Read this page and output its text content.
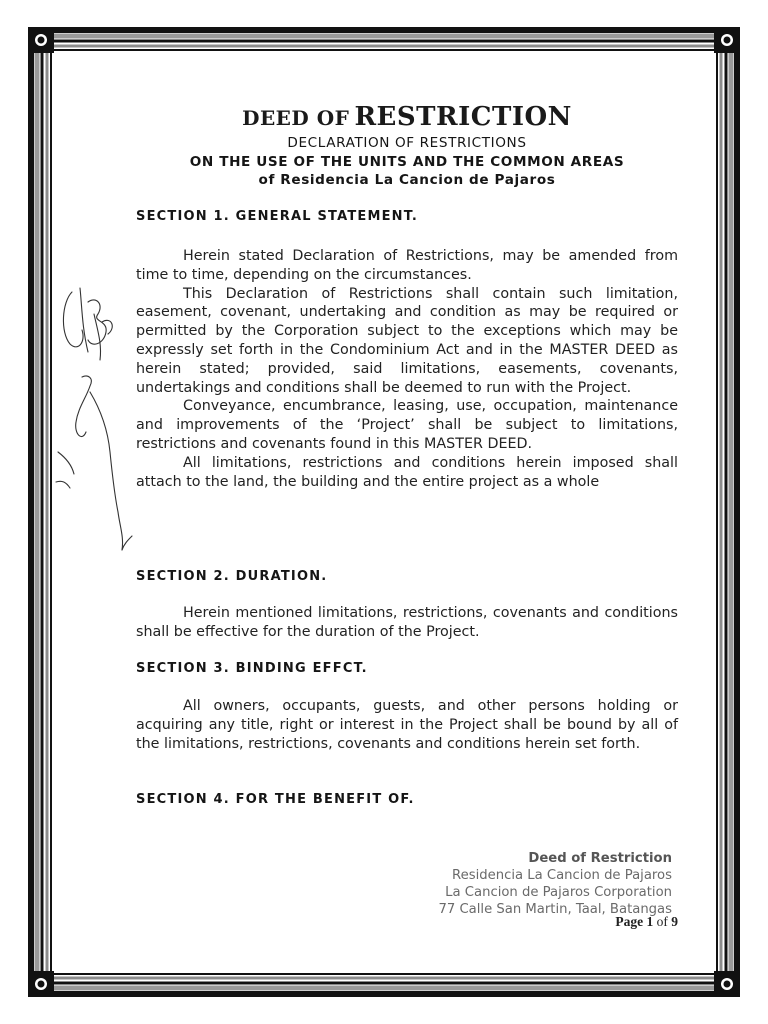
DEED OF RESTRICTION
DECLARATION OF RESTRICTIONS
ON THE USE OF THE UNITS AND THE COMMON AREAS
of Residencia La Cancion de Pajaros
SECTION 1. GENERAL STATEMENT.

Herein stated Declaration of Restrictions, may be amended from time to time, depending on the circumstances.

This Declaration of Restrictions shall contain such limitation, easement, covenant, undertaking and condition as may be required or permitted by the Corporation subject to the exceptions which may be expressly set forth in the Condominium Act and in the MASTER DEED as herein stated; provided, said limitations, easements, covenants, undertakings and conditions shall be deemed to run with the Project.

Conveyance, encumbrance, leasing, use, occupation, maintenance and improvements of the ‘Project’ shall be subject to limitations, restrictions and covenants found in this MASTER DEED.

All limitations, restrictions and conditions herein imposed shall attach to the land, the building and the entire project as a whole

SECTION 2. DURATION.

Herein mentioned limitations, restrictions, covenants and conditions shall be effective for the duration of the Project.

SECTION 3. BINDING EFFCT.

All owners, occupants, guests, and other persons holding or acquiring any title, right or interest in the Project shall be bound by all of the limitations, restrictions, covenants and conditions herein set forth.

SECTION 4. FOR THE BENEFIT OF.
Deed of Restriction
Residencia La Cancion de Pajaros
La Cancion de Pajaros Corporation
77 Calle San Martin, Taal, Batangas
Page 1 of 9
